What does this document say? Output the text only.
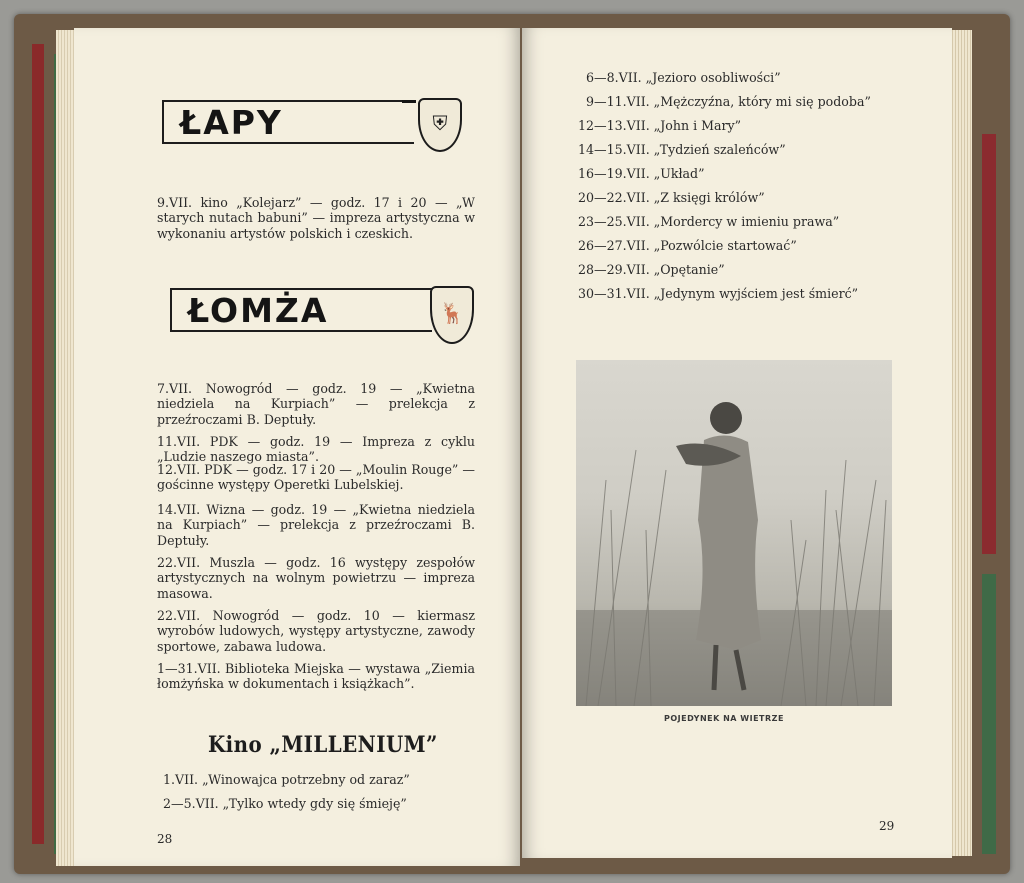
ŁAPY	⛨
9.VII. kino „Kolejarz” — godz. 17 i 20 — „W starych nutach babuni” — impreza artystyczna w wykonaniu artystów polskich i czeskich.
ŁOMŻA	🦌
7.VII. Nowogród — godz. 19 — „Kwietna niedziela na Kurpiach” — prelekcja z przeźroczami B. Deptuły.
11.VII. PDK — godz. 19 — Impreza z cyklu „Ludzie naszego miasta”.
12.VII. PDK — godz. 17 i 20 — „Moulin Rouge” — gościnne występy Operetki Lubelskiej.
14.VII. Wizna — godz. 19 — „Kwietna niedziela na Kurpiach” — prelekcja z przeźroczami B. Deptuły.
22.VII. Muszla — godz. 16 występy zespołów artystycznych na wolnym powietrzu — impreza masowa.
22.VII. Nowogród — godz. 10 — kiermasz wyrobów ludowych, występy artystyczne, zawody sportowe, zabawa ludowa.
1—31.VII. Biblioteka Miejska — wystawa „Ziemia łomżyńska w dokumentach i książkach”.
Kino „MILLENIUM”
1.VII. „Winowajca potrzebny od zaraz”
2—5.VII. „Tylko wtedy gdy się śmieję”
28
6—8.VII. „Jezioro osobliwości”
9—11.VII. „Mężczyźna, który mi się podoba”
12—13.VII. „John i Mary”
14—15.VII. „Tydzień szaleńców”
16—19.VII. „Układ”
20—22.VII. „Z księgi królów”
23—25.VII. „Mordercy w imieniu prawa”
26—27.VII. „Pozwólcie startować”
28—29.VII. „Opętanie”
30—31.VII. „Jedynym wyjściem jest śmierć”
POJEDYNEK NA WIETRZE
29
